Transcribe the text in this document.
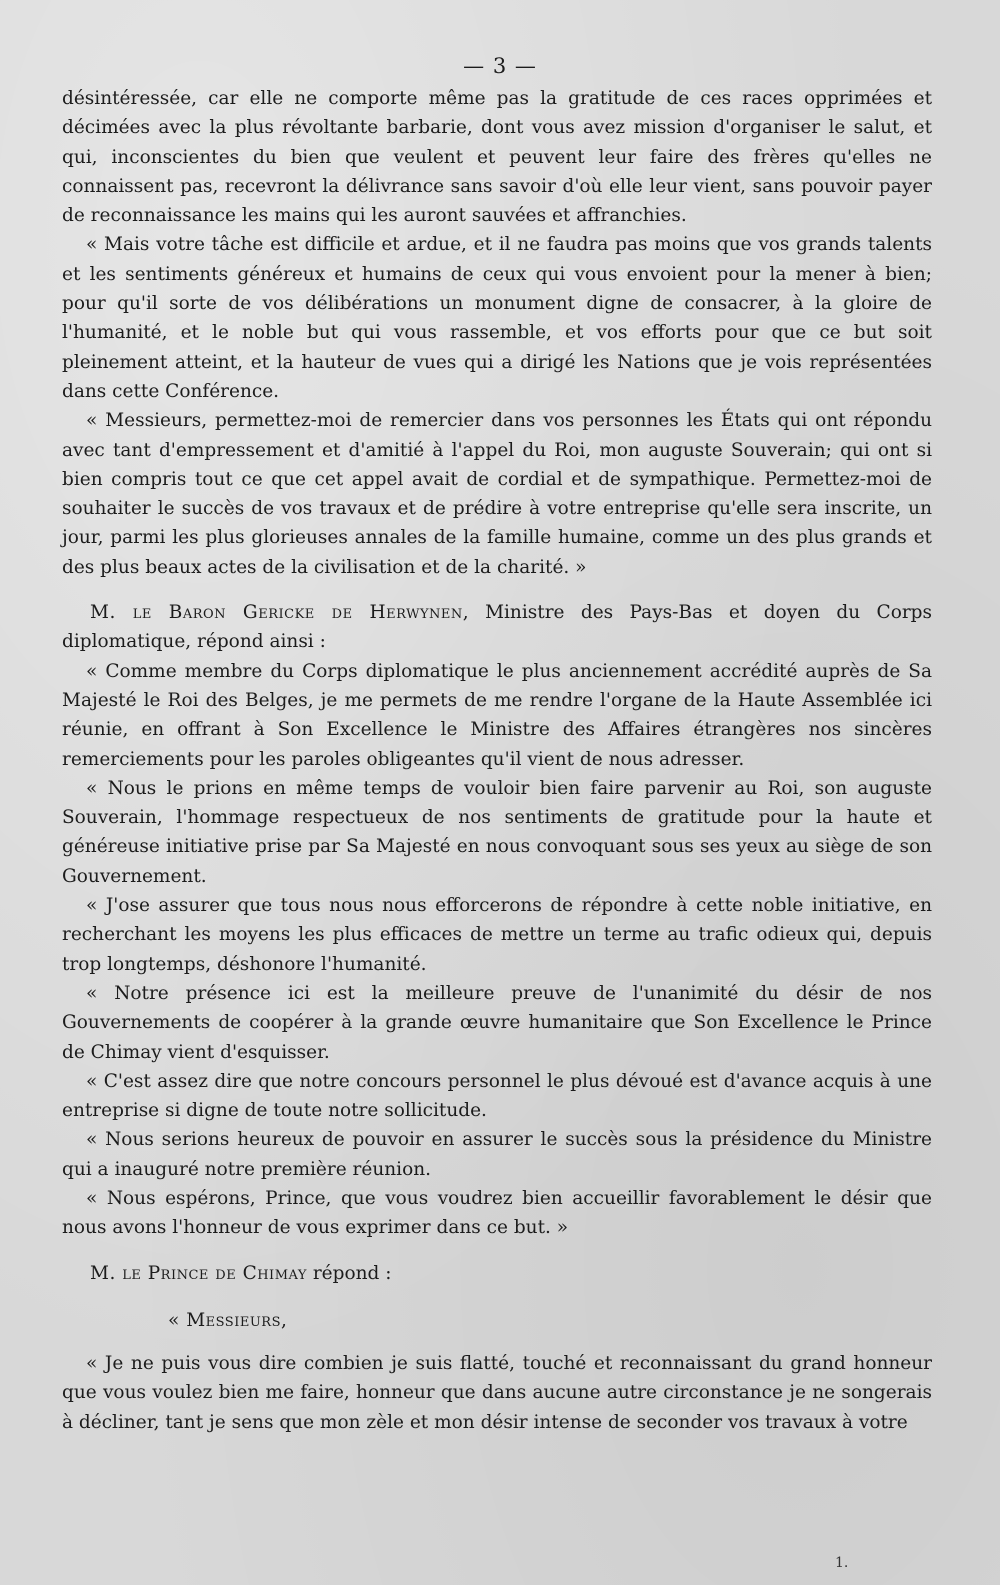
— 3 —

désintéressée, car elle ne comporte même pas la gratitude de ces races opprimées et décimées avec la plus révoltante barbarie, dont vous avez mission d'organiser le salut, et qui, inconscientes du bien que veulent et peuvent leur faire des frères qu'elles ne connaissent pas, recevront la délivrance sans savoir d'où elle leur vient, sans pouvoir payer de reconnaissance les mains qui les auront sauvées et affranchies.

« Mais votre tâche est difficile et ardue, et il ne faudra pas moins que vos grands talents et les sentiments généreux et humains de ceux qui vous envoient pour la mener à bien; pour qu'il sorte de vos délibérations un monument digne de consacrer, à la gloire de l'humanité, et le noble but qui vous rassemble, et vos efforts pour que ce but soit pleinement atteint, et la hauteur de vues qui a dirigé les Nations que je vois représentées dans cette Conférence.

« Messieurs, permettez-moi de remercier dans vos personnes les États qui ont répondu avec tant d'empressement et d'amitié à l'appel du Roi, mon auguste Souverain; qui ont si bien compris tout ce que cet appel avait de cordial et de sympathique. Permettez-moi de souhaiter le succès de vos travaux et de prédire à votre entreprise qu'elle sera inscrite, un jour, parmi les plus glorieuses annales de la famille humaine, comme un des plus grands et des plus beaux actes de la civilisation et de la charité. »

M. le Baron Gericke de Herwynen, Ministre des Pays-Bas et doyen du Corps diplomatique, répond ainsi :

« Comme membre du Corps diplomatique le plus anciennement accrédité auprès de Sa Majesté le Roi des Belges, je me permets de me rendre l'organe de la Haute Assemblée ici réunie, en offrant à Son Excellence le Ministre des Affaires étrangères nos sincères remerciements pour les paroles obligeantes qu'il vient de nous adresser.

« Nous le prions en même temps de vouloir bien faire parvenir au Roi, son auguste Souverain, l'hommage respectueux de nos sentiments de gratitude pour la haute et généreuse initiative prise par Sa Majesté en nous convoquant sous ses yeux au siège de son Gouvernement.

« J'ose assurer que tous nous nous efforcerons de répondre à cette noble initiative, en recherchant les moyens les plus efficaces de mettre un terme au trafic odieux qui, depuis trop longtemps, déshonore l'humanité.

« Notre présence ici est la meilleure preuve de l'unanimité du désir de nos Gouvernements de coopérer à la grande œuvre humanitaire que Son Excellence le Prince de Chimay vient d'esquisser.

« C'est assez dire que notre concours personnel le plus dévoué est d'avance acquis à une entreprise si digne de toute notre sollicitude.

« Nous serions heureux de pouvoir en assurer le succès sous la présidence du Ministre qui a inauguré notre première réunion.

« Nous espérons, Prince, que vous voudrez bien accueillir favorablement le désir que nous avons l'honneur de vous exprimer dans ce but. »

M. le Prince de Chimay répond :

« Messieurs,

« Je ne puis vous dire combien je suis flatté, touché et reconnaissant du grand honneur que vous voulez bien me faire, honneur que dans aucune autre circonstance je ne songerais à décliner, tant je sens que mon zèle et mon désir intense de seconder vos travaux à votre

1.
